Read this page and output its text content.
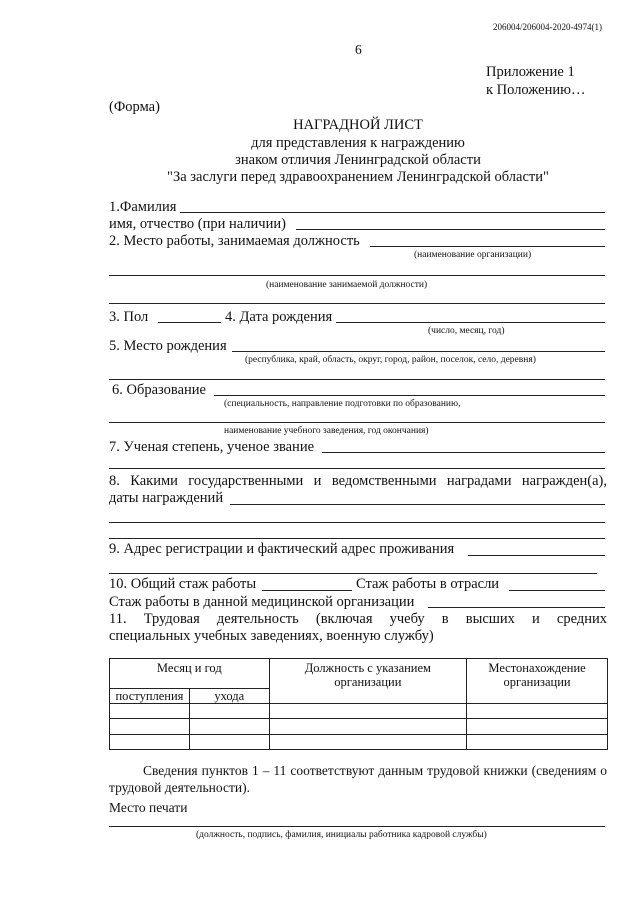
206004/206004-2020-4974(1)
6
Приложение 1
к Положению…
(Форма)
НАГРАДНОЙ ЛИСТ
для представления к награждению
знаком отличия Ленинградской области
"За заслуги перед здравоохранением Ленинградской области"
1.Фамилия
имя, отчество (при наличии)
2. Место работы, занимаемая должность
(наименование организации)
(наименование занимаемой должности)
3. Пол	4. Дата рождения
(число, месяц, год)
5. Место рождения
(республика, край, область, округ, город, район, поселок, село, деревня)
6. Образование
(специальность, направление подготовки по образованию,
наименование учебного заведения, год окончания)
7. Ученая степень, ученое звание
8. Какими государственными и ведомственными наградами награжден(а),
даты награждений
9. Адрес регистрации и фактический адрес проживания
10. Общий стаж работы	Стаж работы в отрасли
Стаж работы в данной медицинской организации
11. Трудовая деятельность (включая учебу в высших и средних
специальных учебных заведениях, военную службу)
Месяц и год		Должность с указанием организации	Местонахождение организации
поступления	ухода		

Сведения пунктов 1 – 11 соответствуют данным трудовой книжки (сведениям о трудовой деятельности).
Место печати
(должность, подпись, фамилия, инициалы работника кадровой службы)
